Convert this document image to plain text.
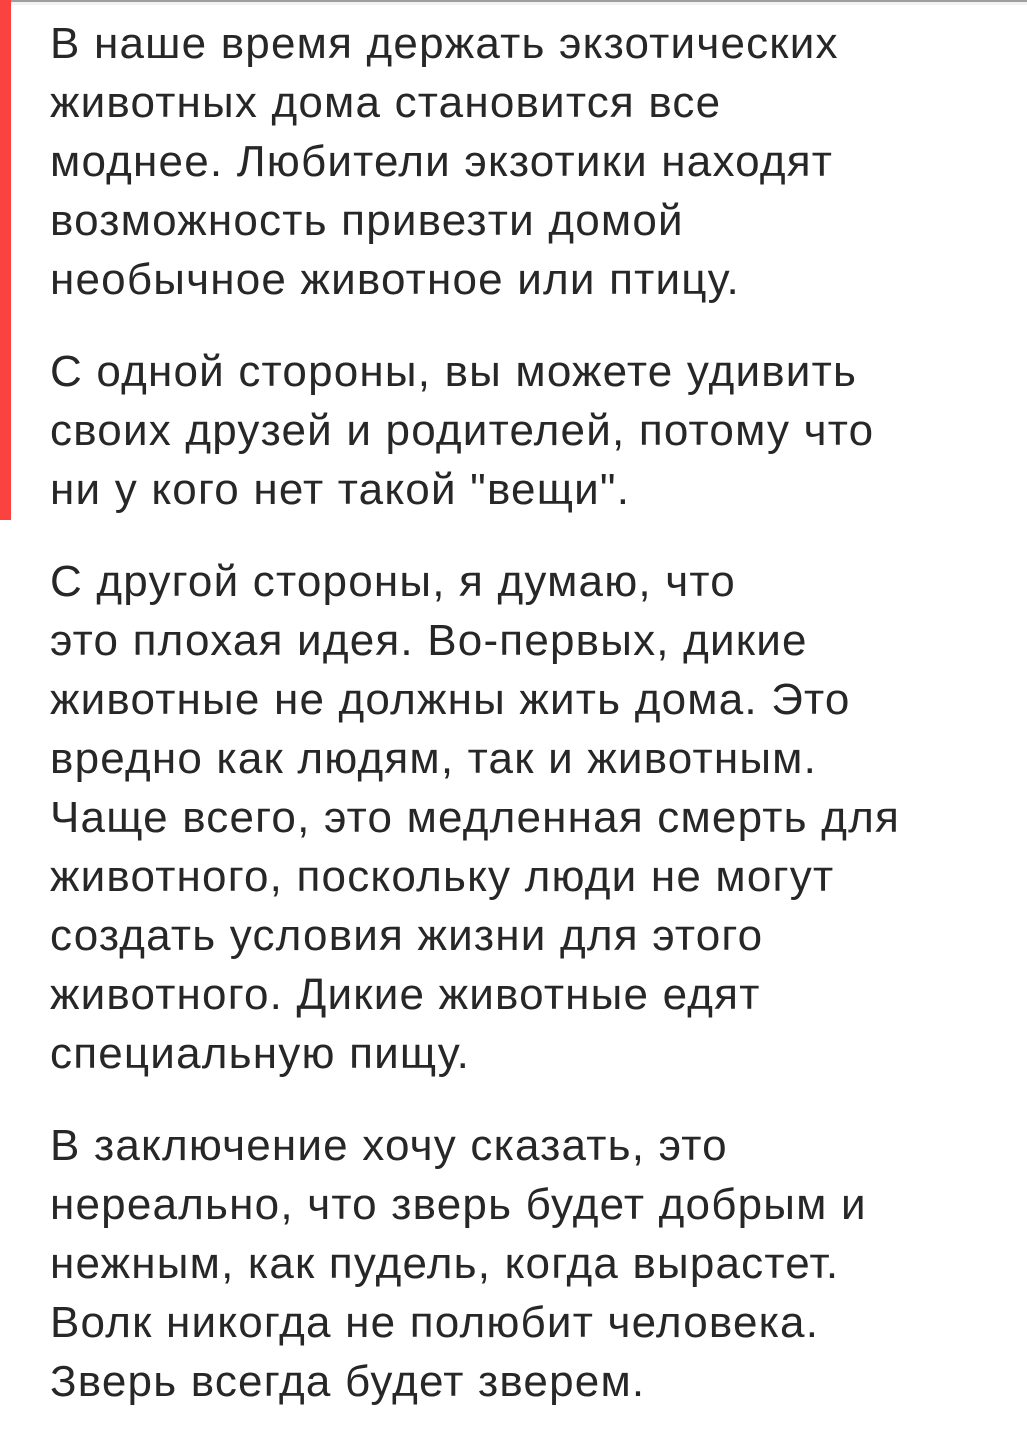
В наше время держать экзотических
животных дома становится все
моднее. Любители экзотики находят
возможность привезти домой
необычное животное или птицу.
С одной стороны, вы можете удивить
своих друзей и родителей, потому что
ни у кого нет такой "вещи".
С другой стороны, я думаю, что
это плохая идея. Во-первых, дикие
животные не должны жить дома. Это
вредно как людям, так и животным.
Чаще всего, это медленная смерть для
животного, поскольку люди не могут
создать условия жизни для этого
животного. Дикие животные едят
специальную пищу.
В заключение хочу сказать, это
нереально, что зверь будет добрым и
нежным, как пудель, когда вырастет.
Волк никогда не полюбит человека.
Зверь всегда будет зверем.
